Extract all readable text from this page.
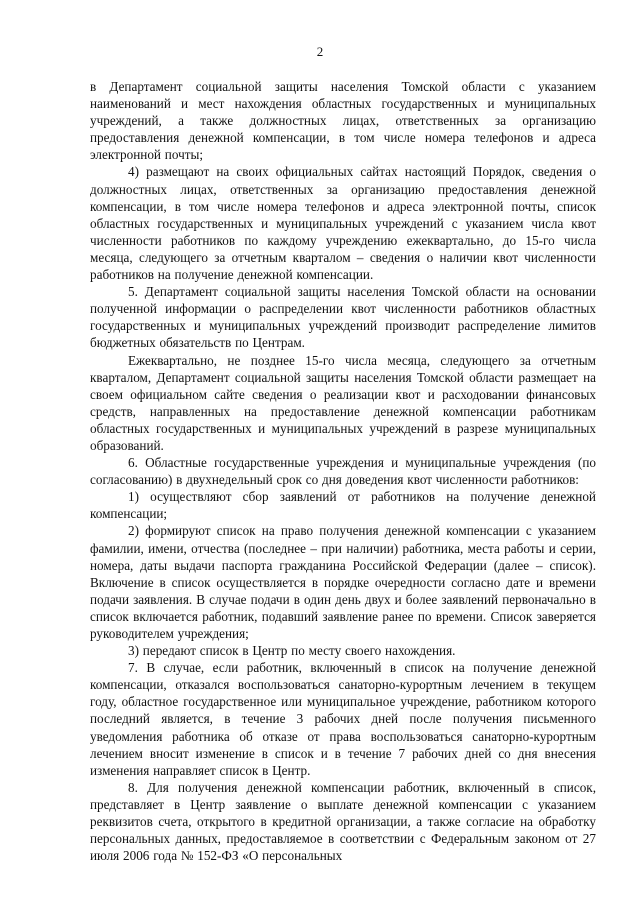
2

в Департамент социальной защиты населения Томской области с указанием наименований и мест нахождения областных государственных и муниципальных учреждений, а также должностных лицах, ответственных за организацию предоставления денежной компенсации, в том числе номера телефонов и адреса электронной почты;

4) размещают на своих официальных сайтах настоящий Порядок, сведения о должностных лицах, ответственных за организацию предоставления денежной компенсации, в том числе номера телефонов и адреса электронной почты, список областных государственных и муниципальных учреждений с указанием числа квот численности работников по каждому учреждению ежеквартально, до 15-го числа месяца, следующего за отчетным кварталом – сведения о наличии квот численности работников на получение денежной компенсации.

5. Департамент социальной защиты населения Томской области на основании полученной информации о распределении квот численности работников областных государственных и муниципальных учреждений производит распределение лимитов бюджетных обязательств по Центрам.

Ежеквартально, не позднее 15-го числа месяца, следующего за отчетным кварталом, Департамент социальной защиты населения Томской области размещает на своем официальном сайте сведения о реализации квот и расходовании финансовых средств, направленных на предоставление денежной компенсации работникам областных государственных и муниципальных учреждений в разрезе муниципальных образований.

6. Областные государственные учреждения и муниципальные учреждения (по согласованию) в двухнедельный срок со дня доведения квот численности работников:

1) осуществляют сбор заявлений от работников на получение денежной компенсации;

2) формируют список на право получения денежной компенсации с указанием фамилии, имени, отчества (последнее – при наличии) работника, места работы и серии, номера, даты выдачи паспорта гражданина Российской Федерации (далее – список). Включение в список осуществляется в порядке очередности согласно дате и времени подачи заявления. В случае подачи в один день двух и более заявлений первоначально в список включается работник, подавший заявление ранее по времени. Список заверяется руководителем учреждения;

3) передают список в Центр по месту своего нахождения.

7. В случае, если работник, включенный в список на получение денежной компенсации, отказался воспользоваться санаторно-курортным лечением в текущем году, областное государственное или муниципальное учреждение, работником которого последний является, в течение 3 рабочих дней после получения письменного уведомления работника об отказе от права воспользоваться санаторно-курортным лечением вносит изменение в список и в течение 7 рабочих дней со дня внесения изменения направляет список в Центр.

8. Для получения денежной компенсации работник, включенный в список, представляет в Центр заявление о выплате денежной компенсации с указанием реквизитов счета, открытого в кредитной организации, а также согласие на обработку персональных данных, предоставляемое в соответствии с Федеральным законом от 27 июля 2006 года № 152-ФЗ «О персональных
